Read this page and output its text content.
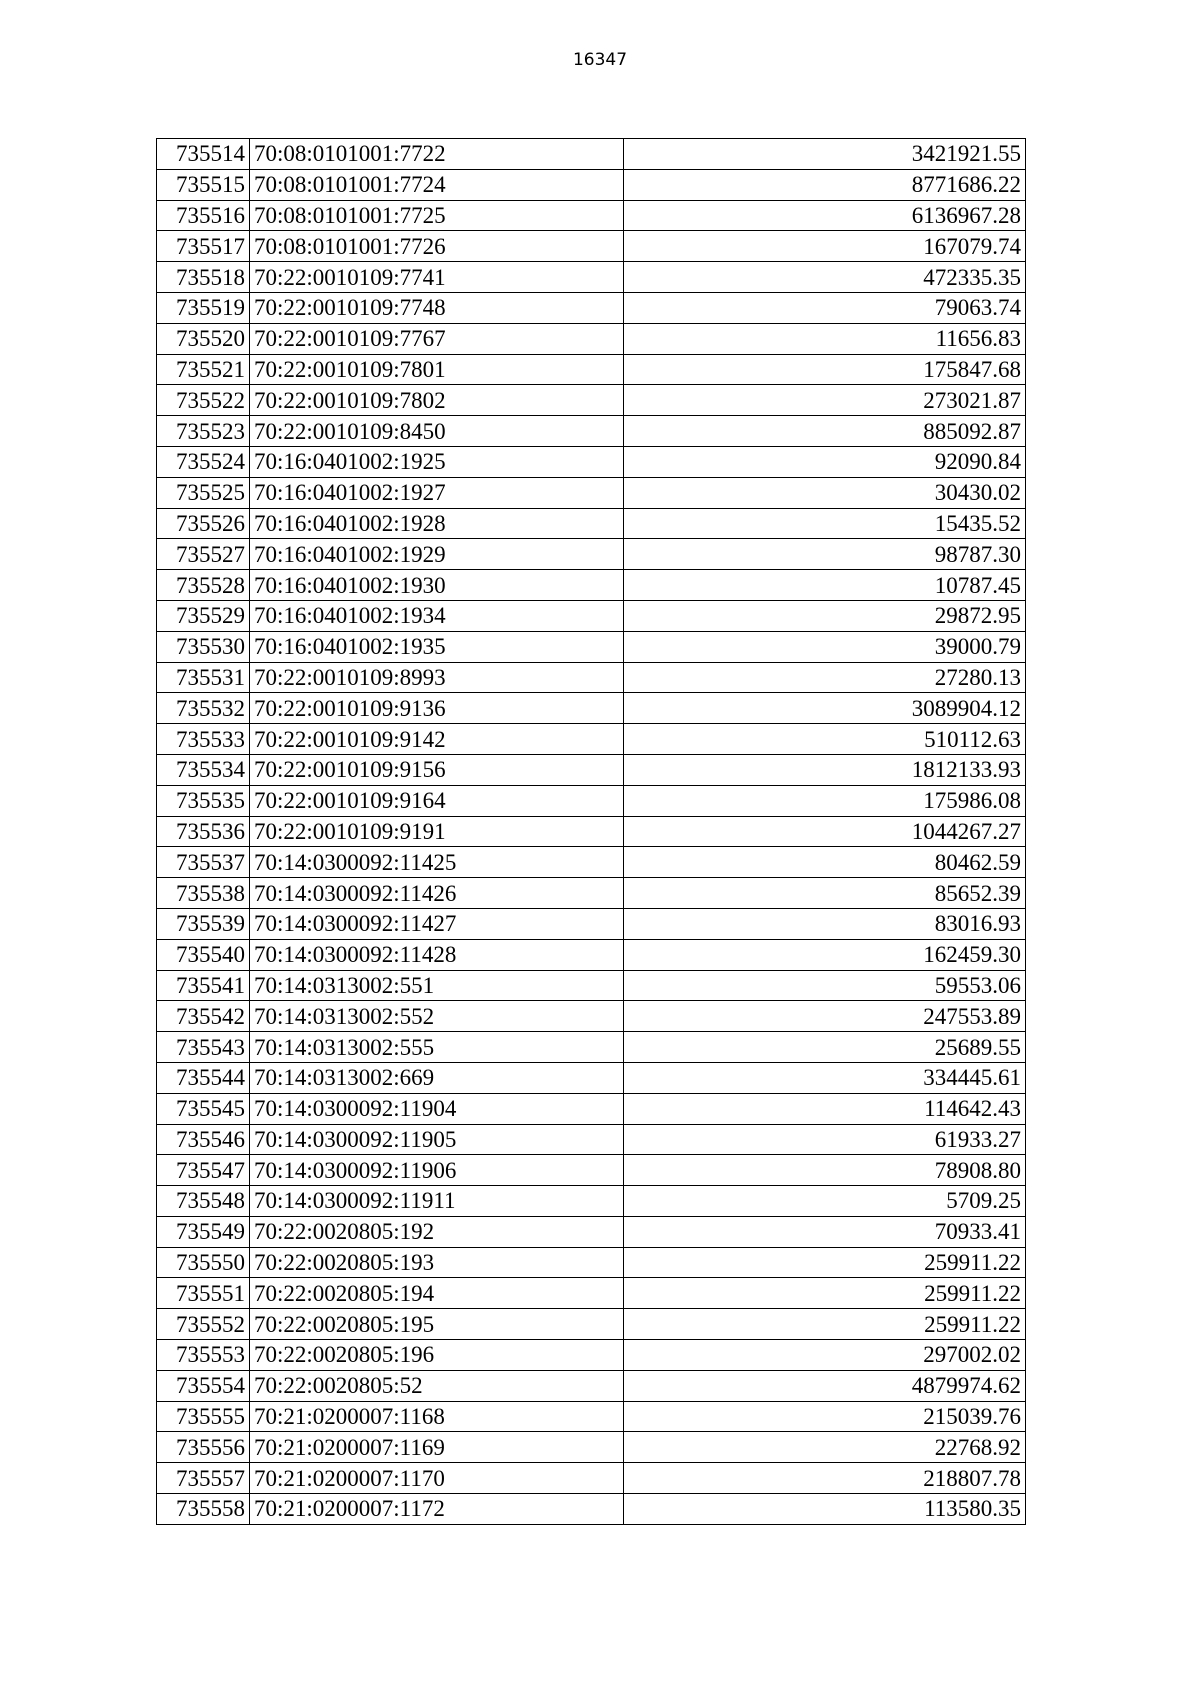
16347
735514	70:08:0101001:7722	3421921.55
735515	70:08:0101001:7724	8771686.22
735516	70:08:0101001:7725	6136967.28
735517	70:08:0101001:7726	167079.74
735518	70:22:0010109:7741	472335.35
735519	70:22:0010109:7748	79063.74
735520	70:22:0010109:7767	11656.83
735521	70:22:0010109:7801	175847.68
735522	70:22:0010109:7802	273021.87
735523	70:22:0010109:8450	885092.87
735524	70:16:0401002:1925	92090.84
735525	70:16:0401002:1927	30430.02
735526	70:16:0401002:1928	15435.52
735527	70:16:0401002:1929	98787.30
735528	70:16:0401002:1930	10787.45
735529	70:16:0401002:1934	29872.95
735530	70:16:0401002:1935	39000.79
735531	70:22:0010109:8993	27280.13
735532	70:22:0010109:9136	3089904.12
735533	70:22:0010109:9142	510112.63
735534	70:22:0010109:9156	1812133.93
735535	70:22:0010109:9164	175986.08
735536	70:22:0010109:9191	1044267.27
735537	70:14:0300092:11425	80462.59
735538	70:14:0300092:11426	85652.39
735539	70:14:0300092:11427	83016.93
735540	70:14:0300092:11428	162459.30
735541	70:14:0313002:551	59553.06
735542	70:14:0313002:552	247553.89
735543	70:14:0313002:555	25689.55
735544	70:14:0313002:669	334445.61
735545	70:14:0300092:11904	114642.43
735546	70:14:0300092:11905	61933.27
735547	70:14:0300092:11906	78908.80
735548	70:14:0300092:11911	5709.25
735549	70:22:0020805:192	70933.41
735550	70:22:0020805:193	259911.22
735551	70:22:0020805:194	259911.22
735552	70:22:0020805:195	259911.22
735553	70:22:0020805:196	297002.02
735554	70:22:0020805:52	4879974.62
735555	70:21:0200007:1168	215039.76
735556	70:21:0200007:1169	22768.92
735557	70:21:0200007:1170	218807.78
735558	70:21:0200007:1172	113580.35
